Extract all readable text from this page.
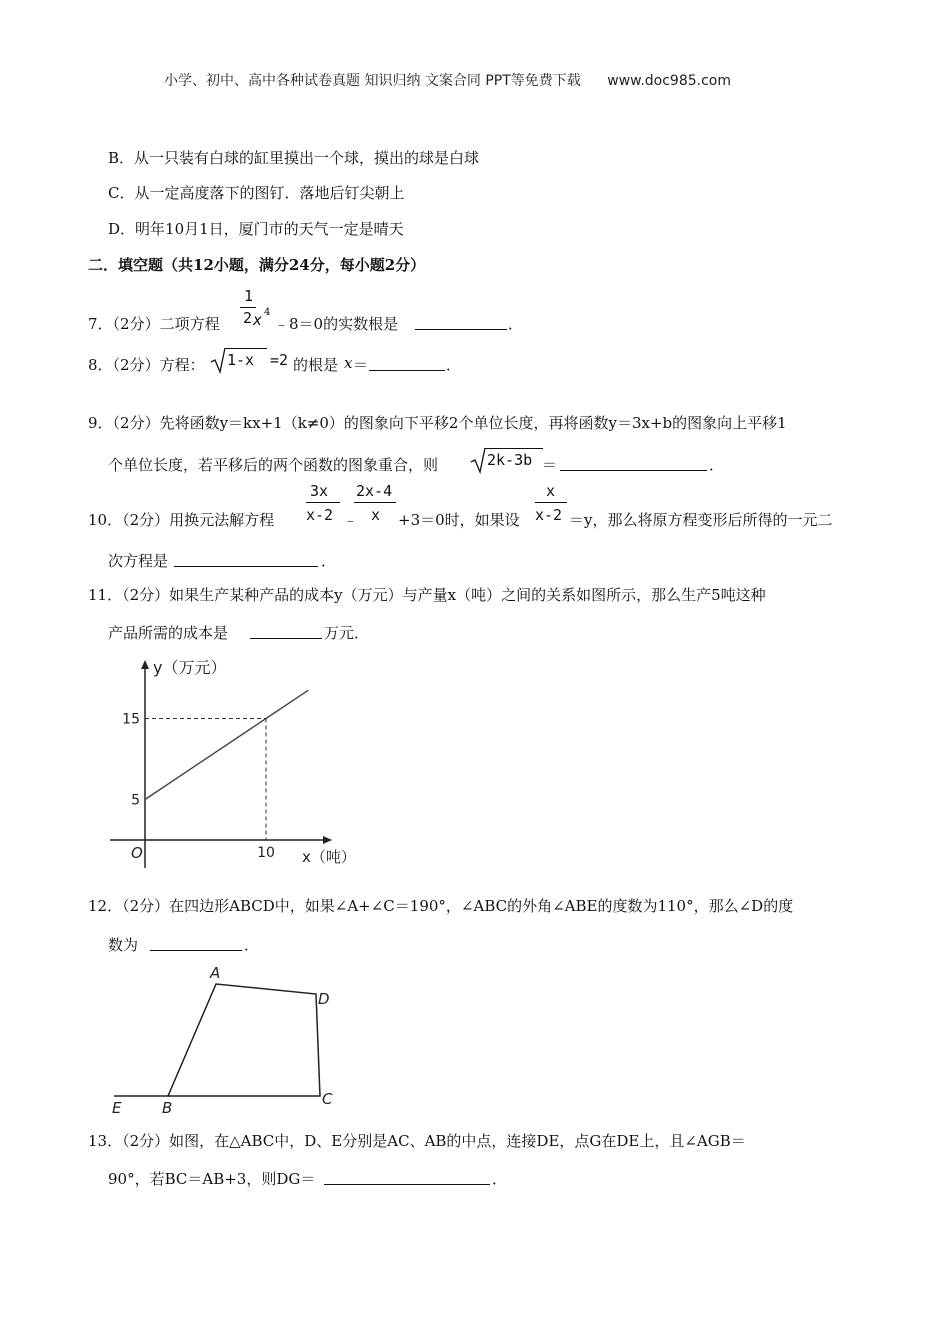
小学、初中、高中各种试卷真题 知识归纳 文案合同 PPT等免费下载 www.doc985.com
B．从一只装有白球的缸里摸出一个球，摸出的球是白球
C．从一定高度落下的图钉．落地后钉尖朝上
D．明年10月1日，厦门市的天气一定是晴天
二．填空题（共12小题，满分24分，每小题2分）
7．（2分）二项方程
1
2 x 4
﹣8＝0的实数根是	．
8．（2分）方程： 1-x =2 的根是 x ＝	．
9．（2分）先将函数y＝kx+1（k≠0）的图象向下平移2个单位长度，再将函数y＝3x+b的图象向上平移1
个单位长度，若平移后的两个函数的图象重合，则	2k-3b ＝	．
10．（2分）用换元法解方程
3x
x-2 ﹣
2x-4
x +3＝0时，如果设
x
x-2 ＝y，那么将原方程变形后所得的一元二
次方程是	．
11．（2分）如果生产某种产品的成本y（万元）与产量x（吨）之间的关系如图所示，那么生产5吨这种
产品所需的成本是	万元．
y（万元）
x（吨）
O
5
15
10
12．（2分）在四边形ABCD中，如果∠A+∠C＝190°，∠ABC的外角∠ABE的度数为110°，那么∠D的度
数为	．
A
D
E	B	C
13．（2分）如图，在△ABC中，D、E分别是AC、AB的中点，连接DE，点G在DE上，且∠AGB＝
90°，若BC＝AB+3，则DG＝	．
